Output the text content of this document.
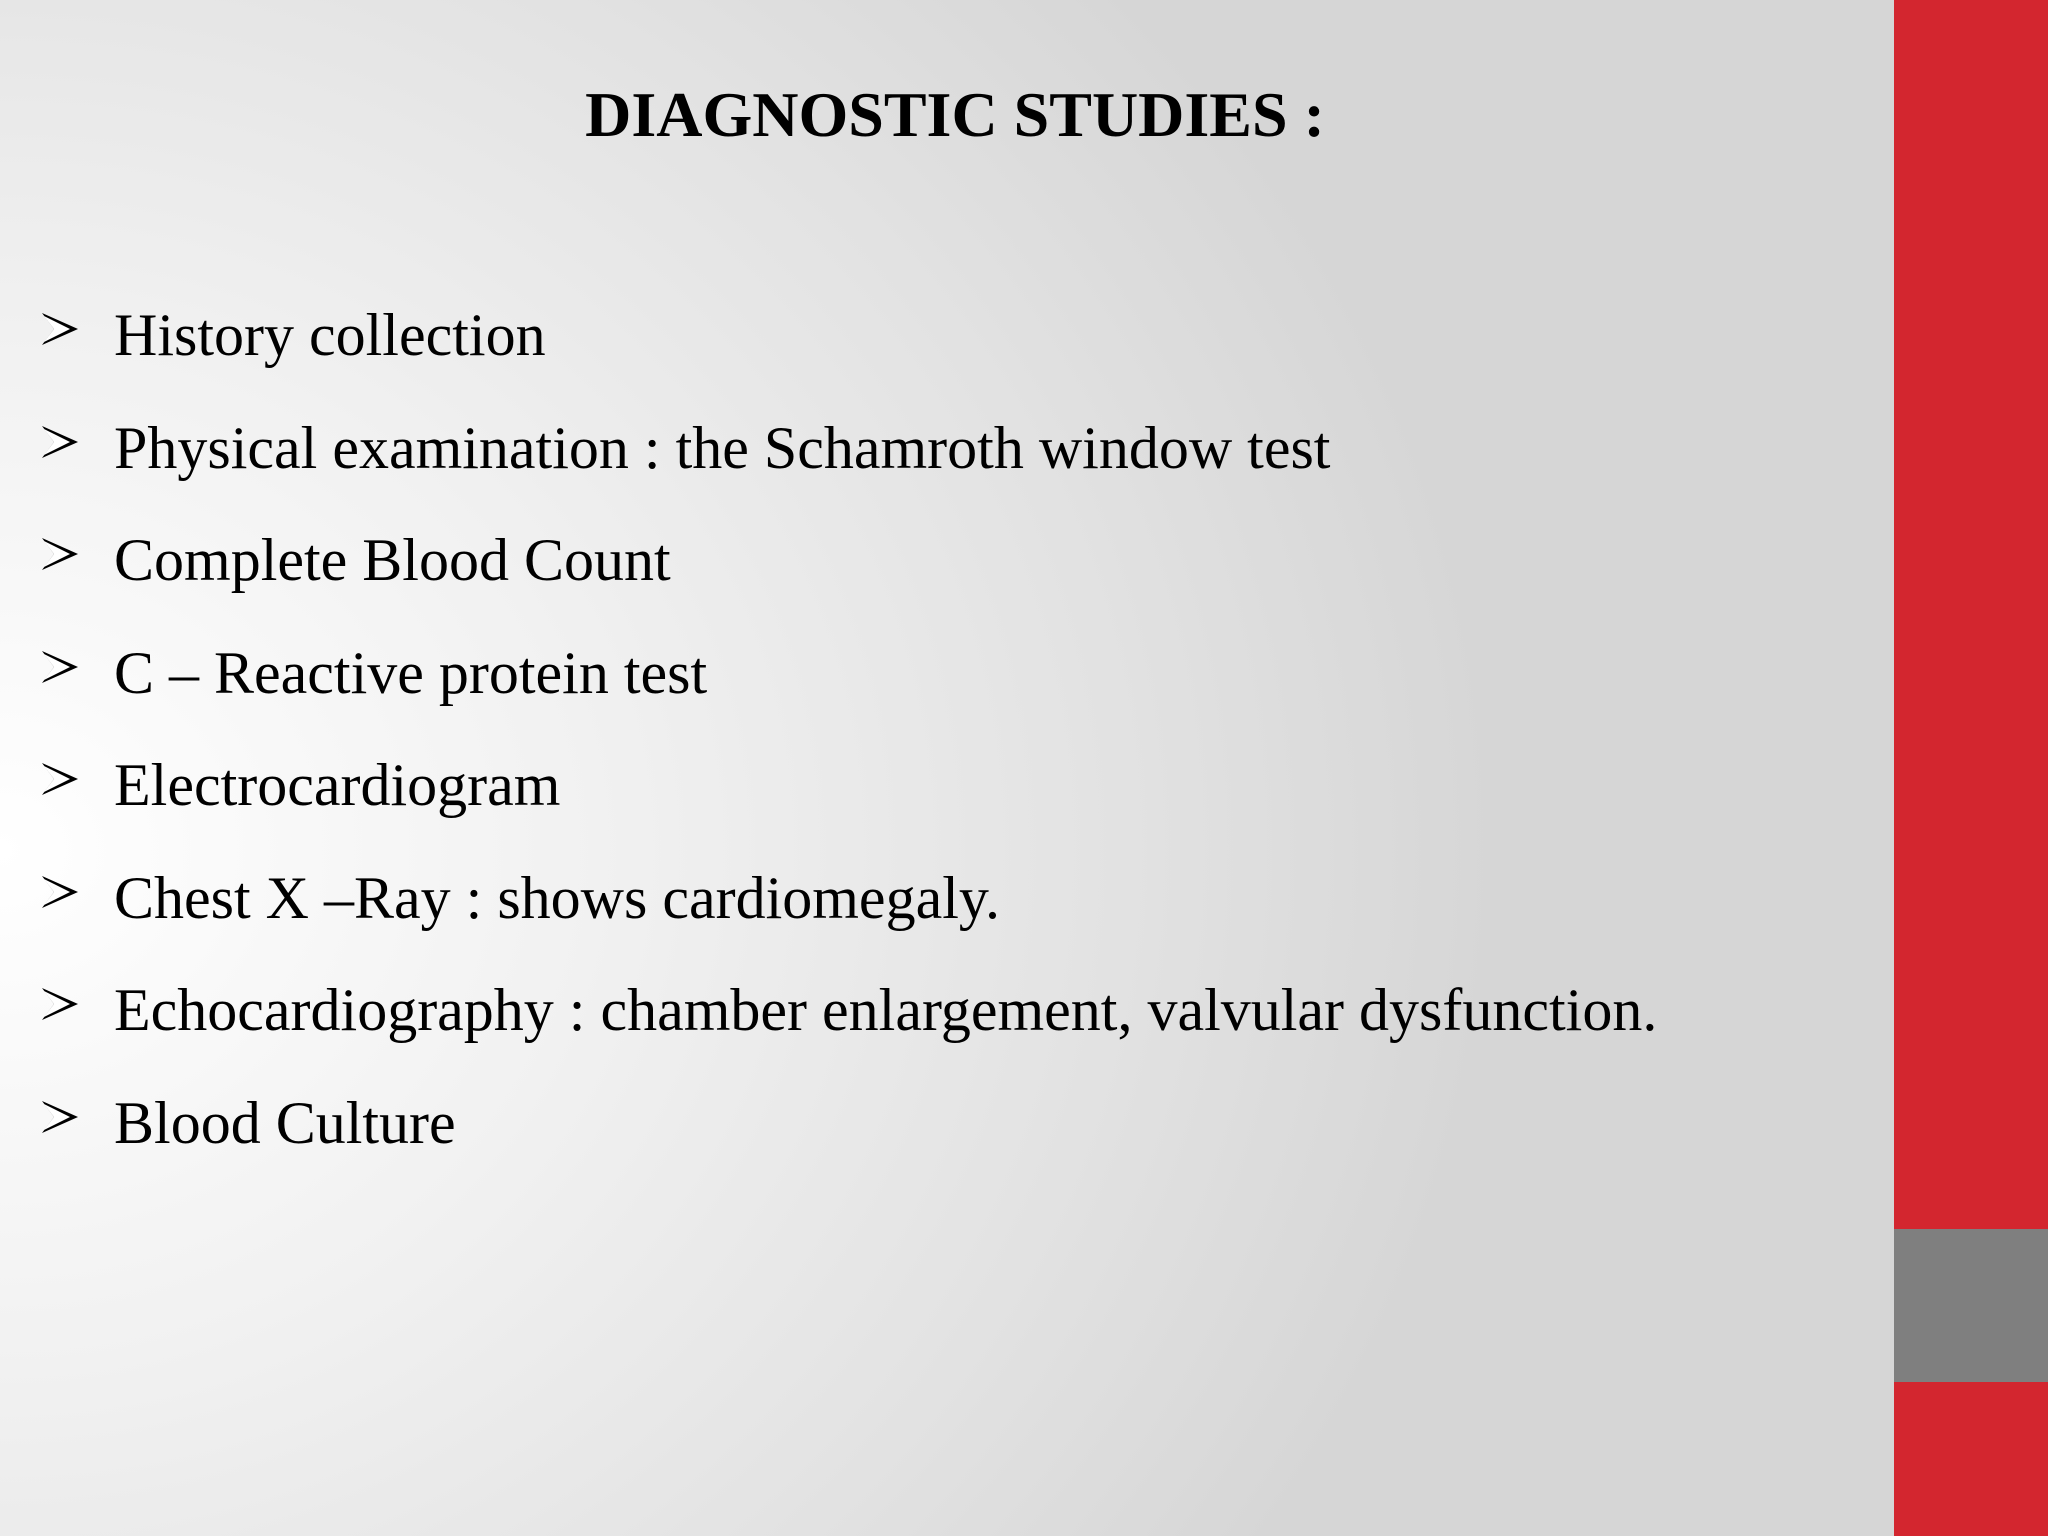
DIAGNOSTIC STUDIES :
History collection
Physical examination : the Schamroth window test
Complete Blood Count
C – Reactive protein test
Electrocardiogram
Chest X –Ray : shows cardiomegaly.
Echocardiography : chamber enlargement, valvular dysfunction.
Blood Culture
